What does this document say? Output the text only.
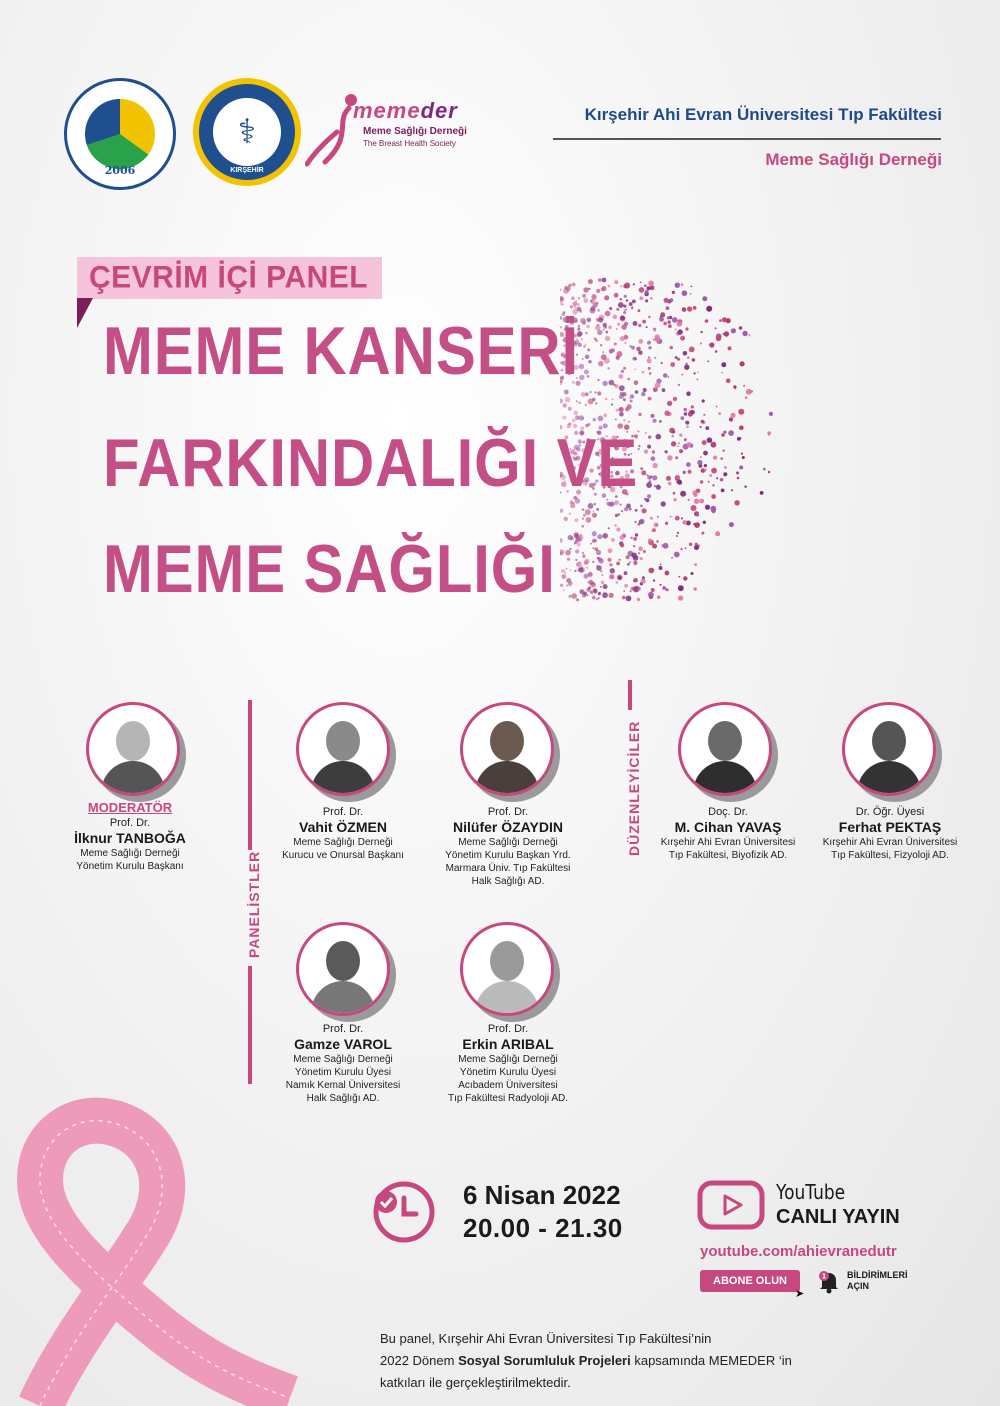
2006
⚕
KIRŞEHİR
memeder
Meme Sağlığı Derneği
The Breast Health Society
Kırşehir Ahi Evran Üniversitesi Tıp Fakültesi
Meme Sağlığı Derneği
ÇEVRİM İÇİ PANEL
MEME KANSERİ
FARKINDALIĞI VE
MEME SAĞLIĞI
MODERATÖR
Prof. Dr.
İlknur TANBOĞA
Meme Sağlığı Derneği
Yönetim Kurulu Başkanı	PANELİSTLER
Prof. Dr.
Vahit ÖZMEN
Meme Sağlığı Derneği
Kurucu ve Onursal Başkanı
Prof. Dr.
Nilüfer ÖZAYDIN
Meme Sağlığı Derneği
Yönetim Kurulu Başkan Yrd.
Marmara Üniv. Tıp Fakültesi
Halk Sağlığı AD.
Prof. Dr.
Gamze VAROL
Meme Sağlığı Derneği
Yönetim Kurulu Üyesi
Namık Kemal Üniversitesi
Halk Sağlığı AD.
Prof. Dr.
Erkin ARIBAL
Meme Sağlığı Derneği
Yönetim Kurulu Üyesi
Acıbadem Üniversitesi
Tıp Fakültesi Radyoloji AD.
DÜZENLEYİCİLER	Doç. Dr.
M. Cihan YAVAŞ
Kırşehir Ahi Evran Üniversitesi
Tıp Fakültesi, Biyofizik AD.
Dr. Öğr. Üyesi
Ferhat PEKTAŞ
Kırşehir Ahi Evran Üniversitesi
Tıp Fakültesi, Fizyoloji AD.
6 Nisan 2022
20.00 - 21.30
YouTube
CANLI YAYIN
youtube.com/ahievranedutr
ABONE OLUN
➤
1 BİLDİRİMLERİ
AÇIN
Bu panel, Kırşehir Ahi Evran Üniversitesi Tıp Fakültesi’nin
2022 Dönem Sosyal Sorumluluk Projeleri kapsamında MEMEDER ‘in
katkıları ile gerçekleştirilmektedir.
